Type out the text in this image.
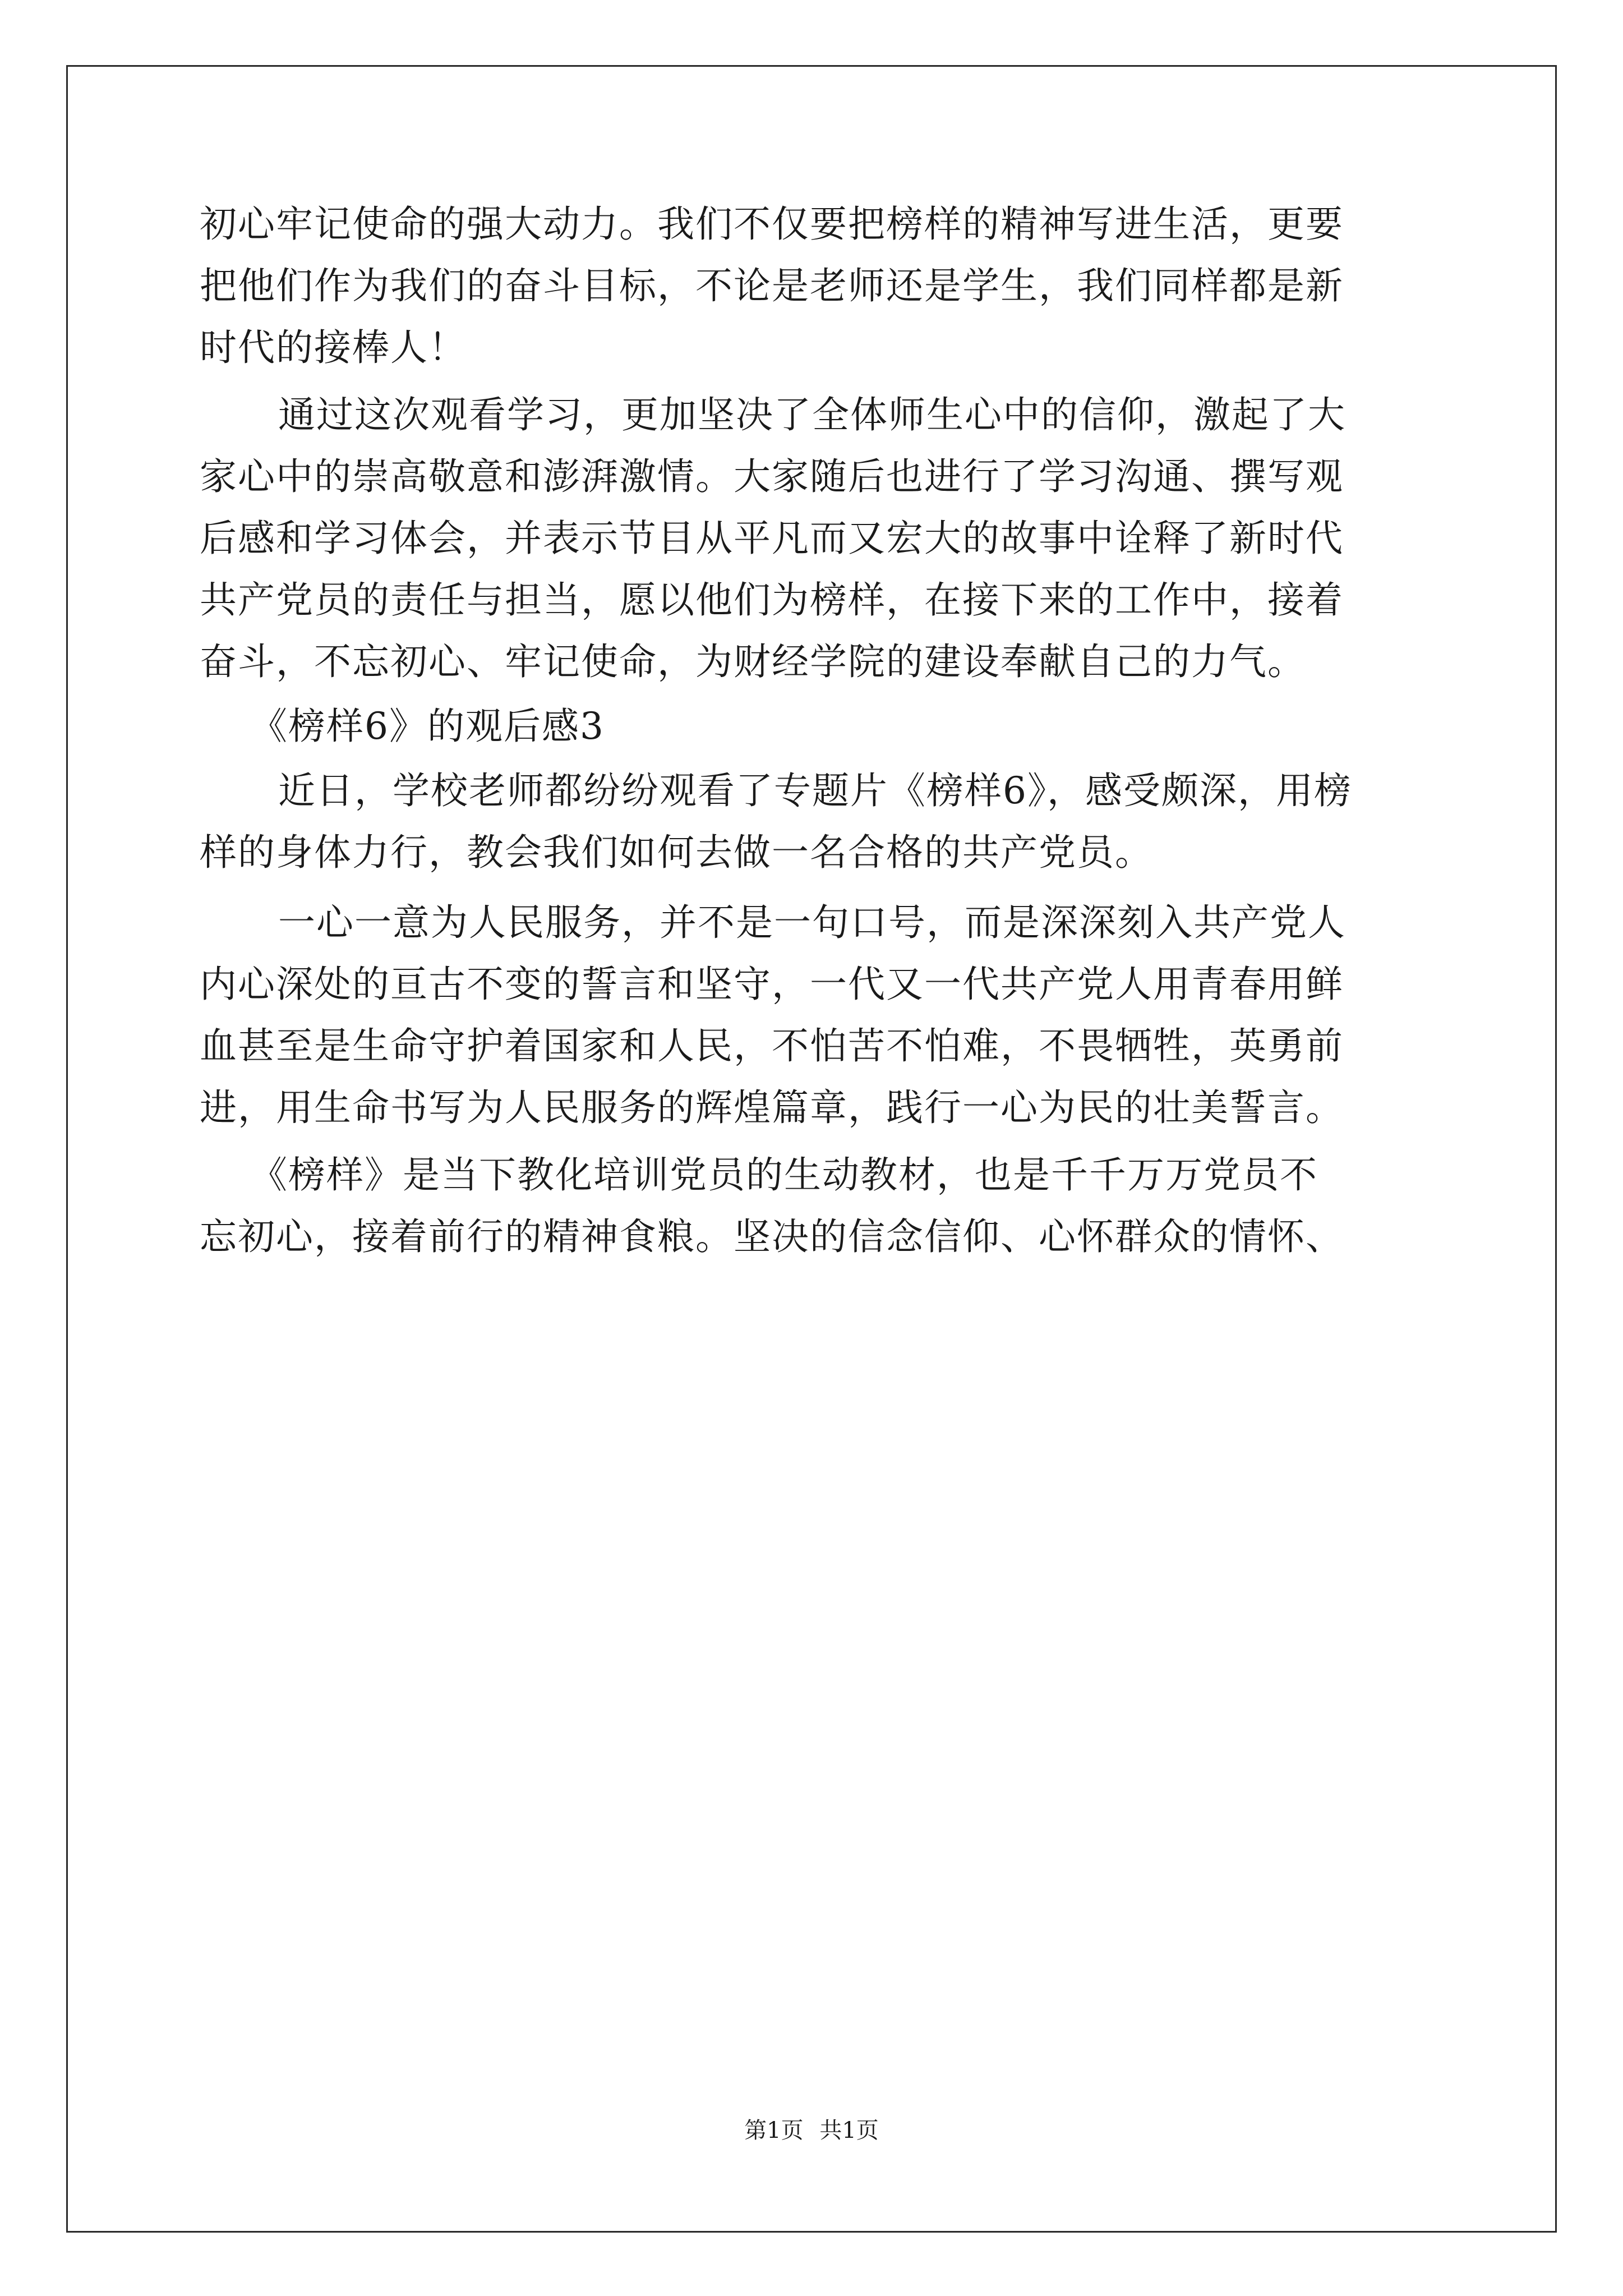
初心牢记使命的强大动力。我们不仅要把榜样的精神写进生活，更要
把他们作为我们的奋斗目标，不论是老师还是学生，我们同样都是新
时代的接棒人！
通过这次观看学习，更加坚决了全体师生心中的信仰，激起了大
家心中的崇高敬意和澎湃激情。大家随后也进行了学习沟通、撰写观
后感和学习体会，并表示节目从平凡而又宏大的故事中诠释了新时代
共产党员的责任与担当，愿以他们为榜样，在接下来的工作中，接着
奋斗，不忘初心、牢记使命，为财经学院的建设奉献自己的力气。
《榜样6》的观后感3
近日，学校老师都纷纷观看了专题片《榜样6》，感受颇深，用榜
样的身体力行，教会我们如何去做一名合格的共产党员。
一心一意为人民服务，并不是一句口号，而是深深刻入共产党人
内心深处的亘古不变的誓言和坚守，一代又一代共产党人用青春用鲜
血甚至是生命守护着国家和人民，不怕苦不怕难，不畏牺牲，英勇前
进，用生命书写为人民服务的辉煌篇章，践行一心为民的壮美誓言。
《榜样》是当下教化培训党员的生动教材，也是千千万万党员不
忘初心，接着前行的精神食粮。坚决的信念信仰、心怀群众的情怀、
第1页 共1页
